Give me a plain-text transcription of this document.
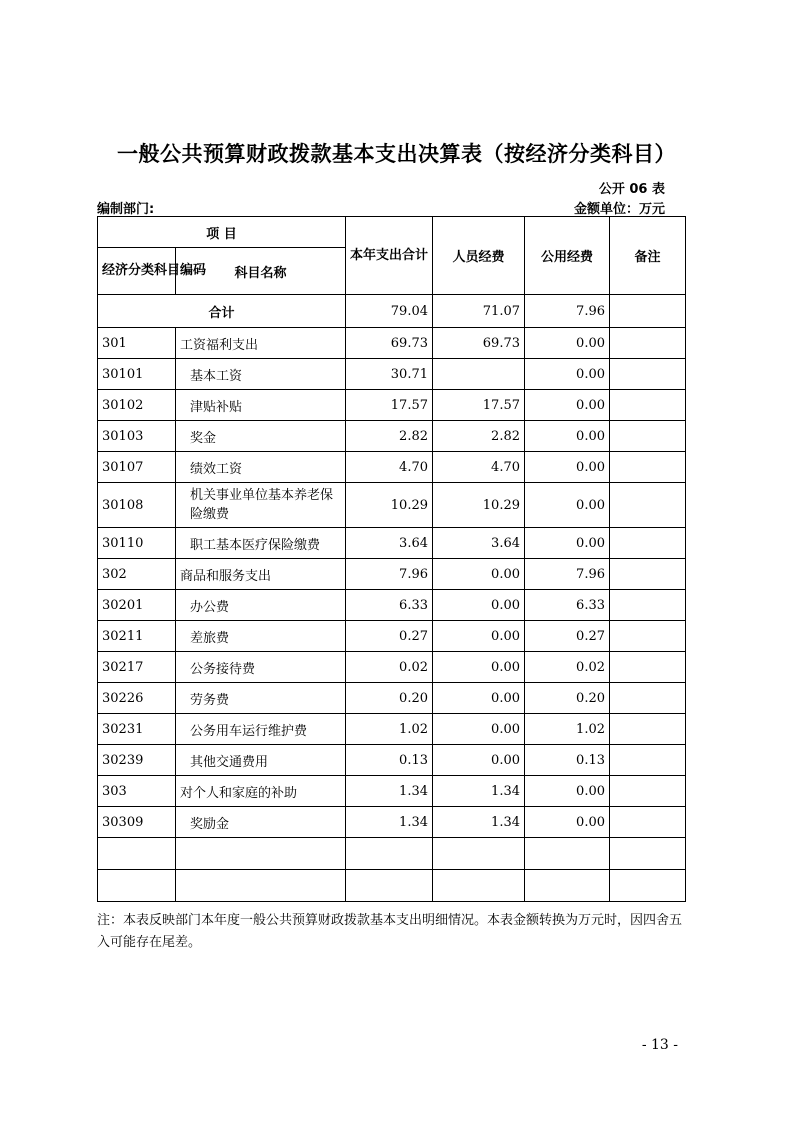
一般公共预算财政拨款基本支出决算表（按经济分类科目）
公开 06 表
编制部门:	金额单位：万元
项 目		本年支出合计	人员经费	公用经费	备注
经济分类科目编码	科目名称				
合计		79.04	71.07	7.96	
301	工资福利支出	69.73	69.73	0.00	
30101	基本工资	30.71		0.00	
30102	津贴补贴	17.57	17.57	0.00	
30103	奖金	2.82	2.82	0.00	
30107	绩效工资	4.70	4.70	0.00	
30108	机关事业单位基本养老保险缴费	10.29	10.29	0.00	
30110	职工基本医疗保险缴费	3.64	3.64	0.00	
302	商品和服务支出	7.96	0.00	7.96	
30201	办公费	6.33	0.00	6.33	
30211	差旅费	0.27	0.00	0.27	
30217	公务接待费	0.02	0.00	0.02	
30226	劳务费	0.20	0.00	0.20	
30231	公务用车运行维护费	1.02	0.00	1.02	
30239	其他交通费用	0.13	0.00	0.13	
303	对个人和家庭的补助	1.34	1.34	0.00	
30309	奖励金	1.34	1.34	0.00	

注：本表反映部门本年度一般公共预算财政拨款基本支出明细情况。本表金额转换为万元时，因四舍五入可能存在尾差。
- 13 -
